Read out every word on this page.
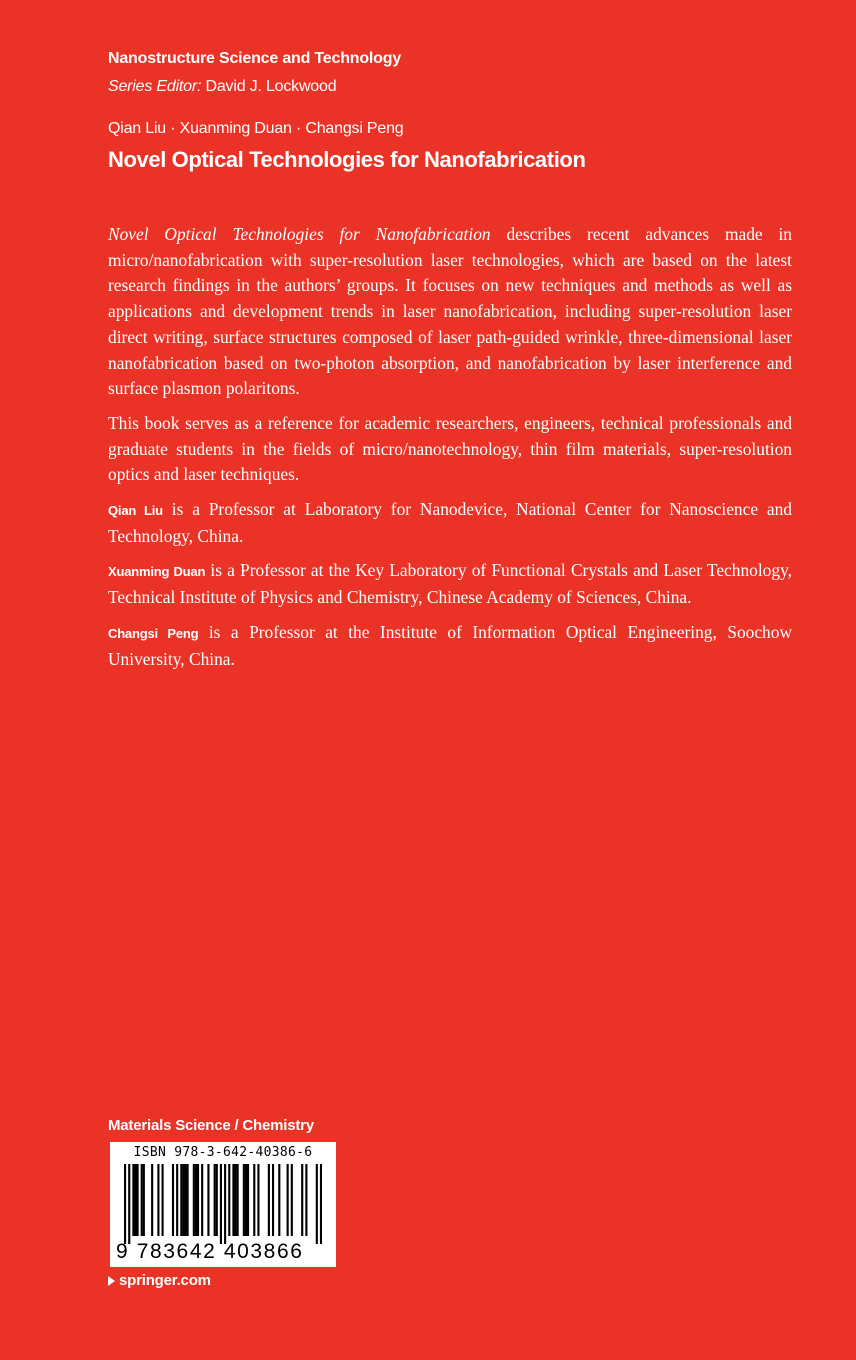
Nanostructure Science and Technology

Series Editor: David J. Lockwood

Qian Liu · Xuanming Duan · Changsi Peng

Novel Optical Technologies for Nanofabrication

Novel Optical Technologies for Nanofabrication describes recent advances made in micro/nanofabrication with super-resolution laser technologies, which are based on the latest research findings in the authors’ groups. It focuses on new techniques and methods as well as applications and development trends in laser nanofabrication, including super-resolution laser direct writing, surface structures composed of laser path-guided wrinkle, three-dimensional laser nanofabrication based on two-photon absorption, and nanofabrication by laser interference and surface plasmon polaritons.

This book serves as a reference for academic researchers, engineers, technical professionals and graduate students in the fields of micro/nanotechnology, thin film materials, super-resolution optics and laser techniques.

Qian Liu is a Professor at Laboratory for Nanodevice, National Center for Nanoscience and Technology, China.

Xuanming Duan is a Professor at the Key Laboratory of Functional Crystals and Laser Technology, Technical Institute of Physics and Chemistry, Chinese Academy of Sciences, China.

Changsi Peng is a Professor at the Institute of Information Optical Engineering, Soochow University, China.

Materials Science / Chemistry

ISBN 978-3-642-40386-6
9 783642 403866

springer.com
